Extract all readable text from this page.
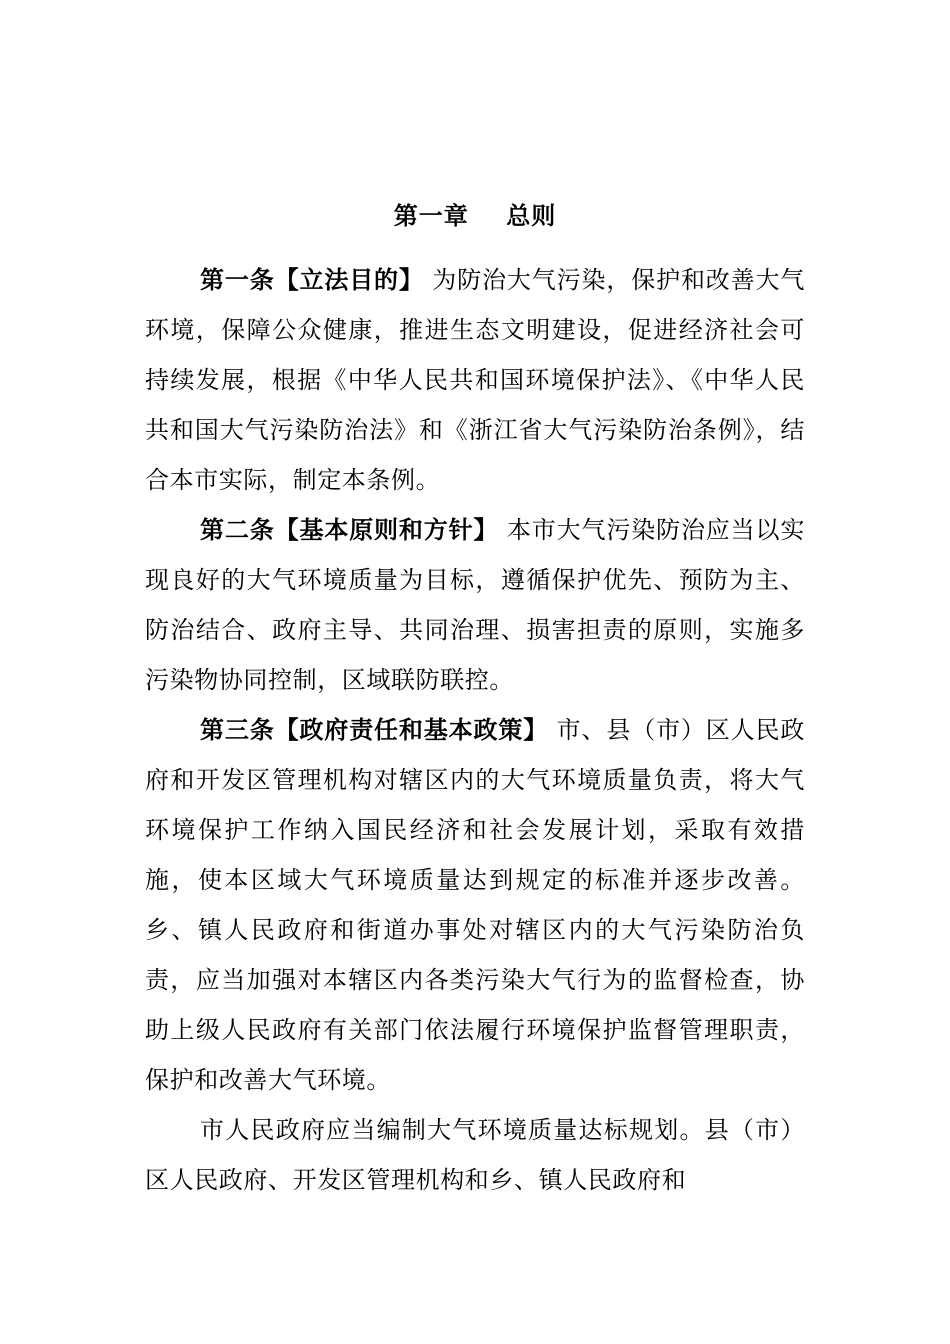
第一章    总则

第一条【立法目的】 为防治大气污染，保护和改善大气环境，保障公众健康，推进生态文明建设，促进经济社会可持续发展，根据《中华人民共和国环境保护法》、《中华人民共和国大气污染防治法》和《浙江省大气污染防治条例》，结合本市实际，制定本条例。

第二条【基本原则和方针】 本市大气污染防治应当以实现良好的大气环境质量为目标，遵循保护优先、预防为主、防治结合、政府主导、共同治理、损害担责的原则，实施多污染物协同控制，区域联防联控。

第三条【政府责任和基本政策】 市、县（市）区人民政府和开发区管理机构对辖区内的大气环境质量负责，将大气环境保护工作纳入国民经济和社会发展计划，采取有效措施，使本区域大气环境质量达到规定的标准并逐步改善。乡、镇人民政府和街道办事处对辖区内的大气污染防治负责，应当加强对本辖区内各类污染大气行为的监督检查，协助上级人民政府有关部门依法履行环境保护监督管理职责，保护和改善大气环境。

市人民政府应当编制大气环境质量达标规划。县（市）区人民政府、开发区管理机构和乡、镇人民政府和
